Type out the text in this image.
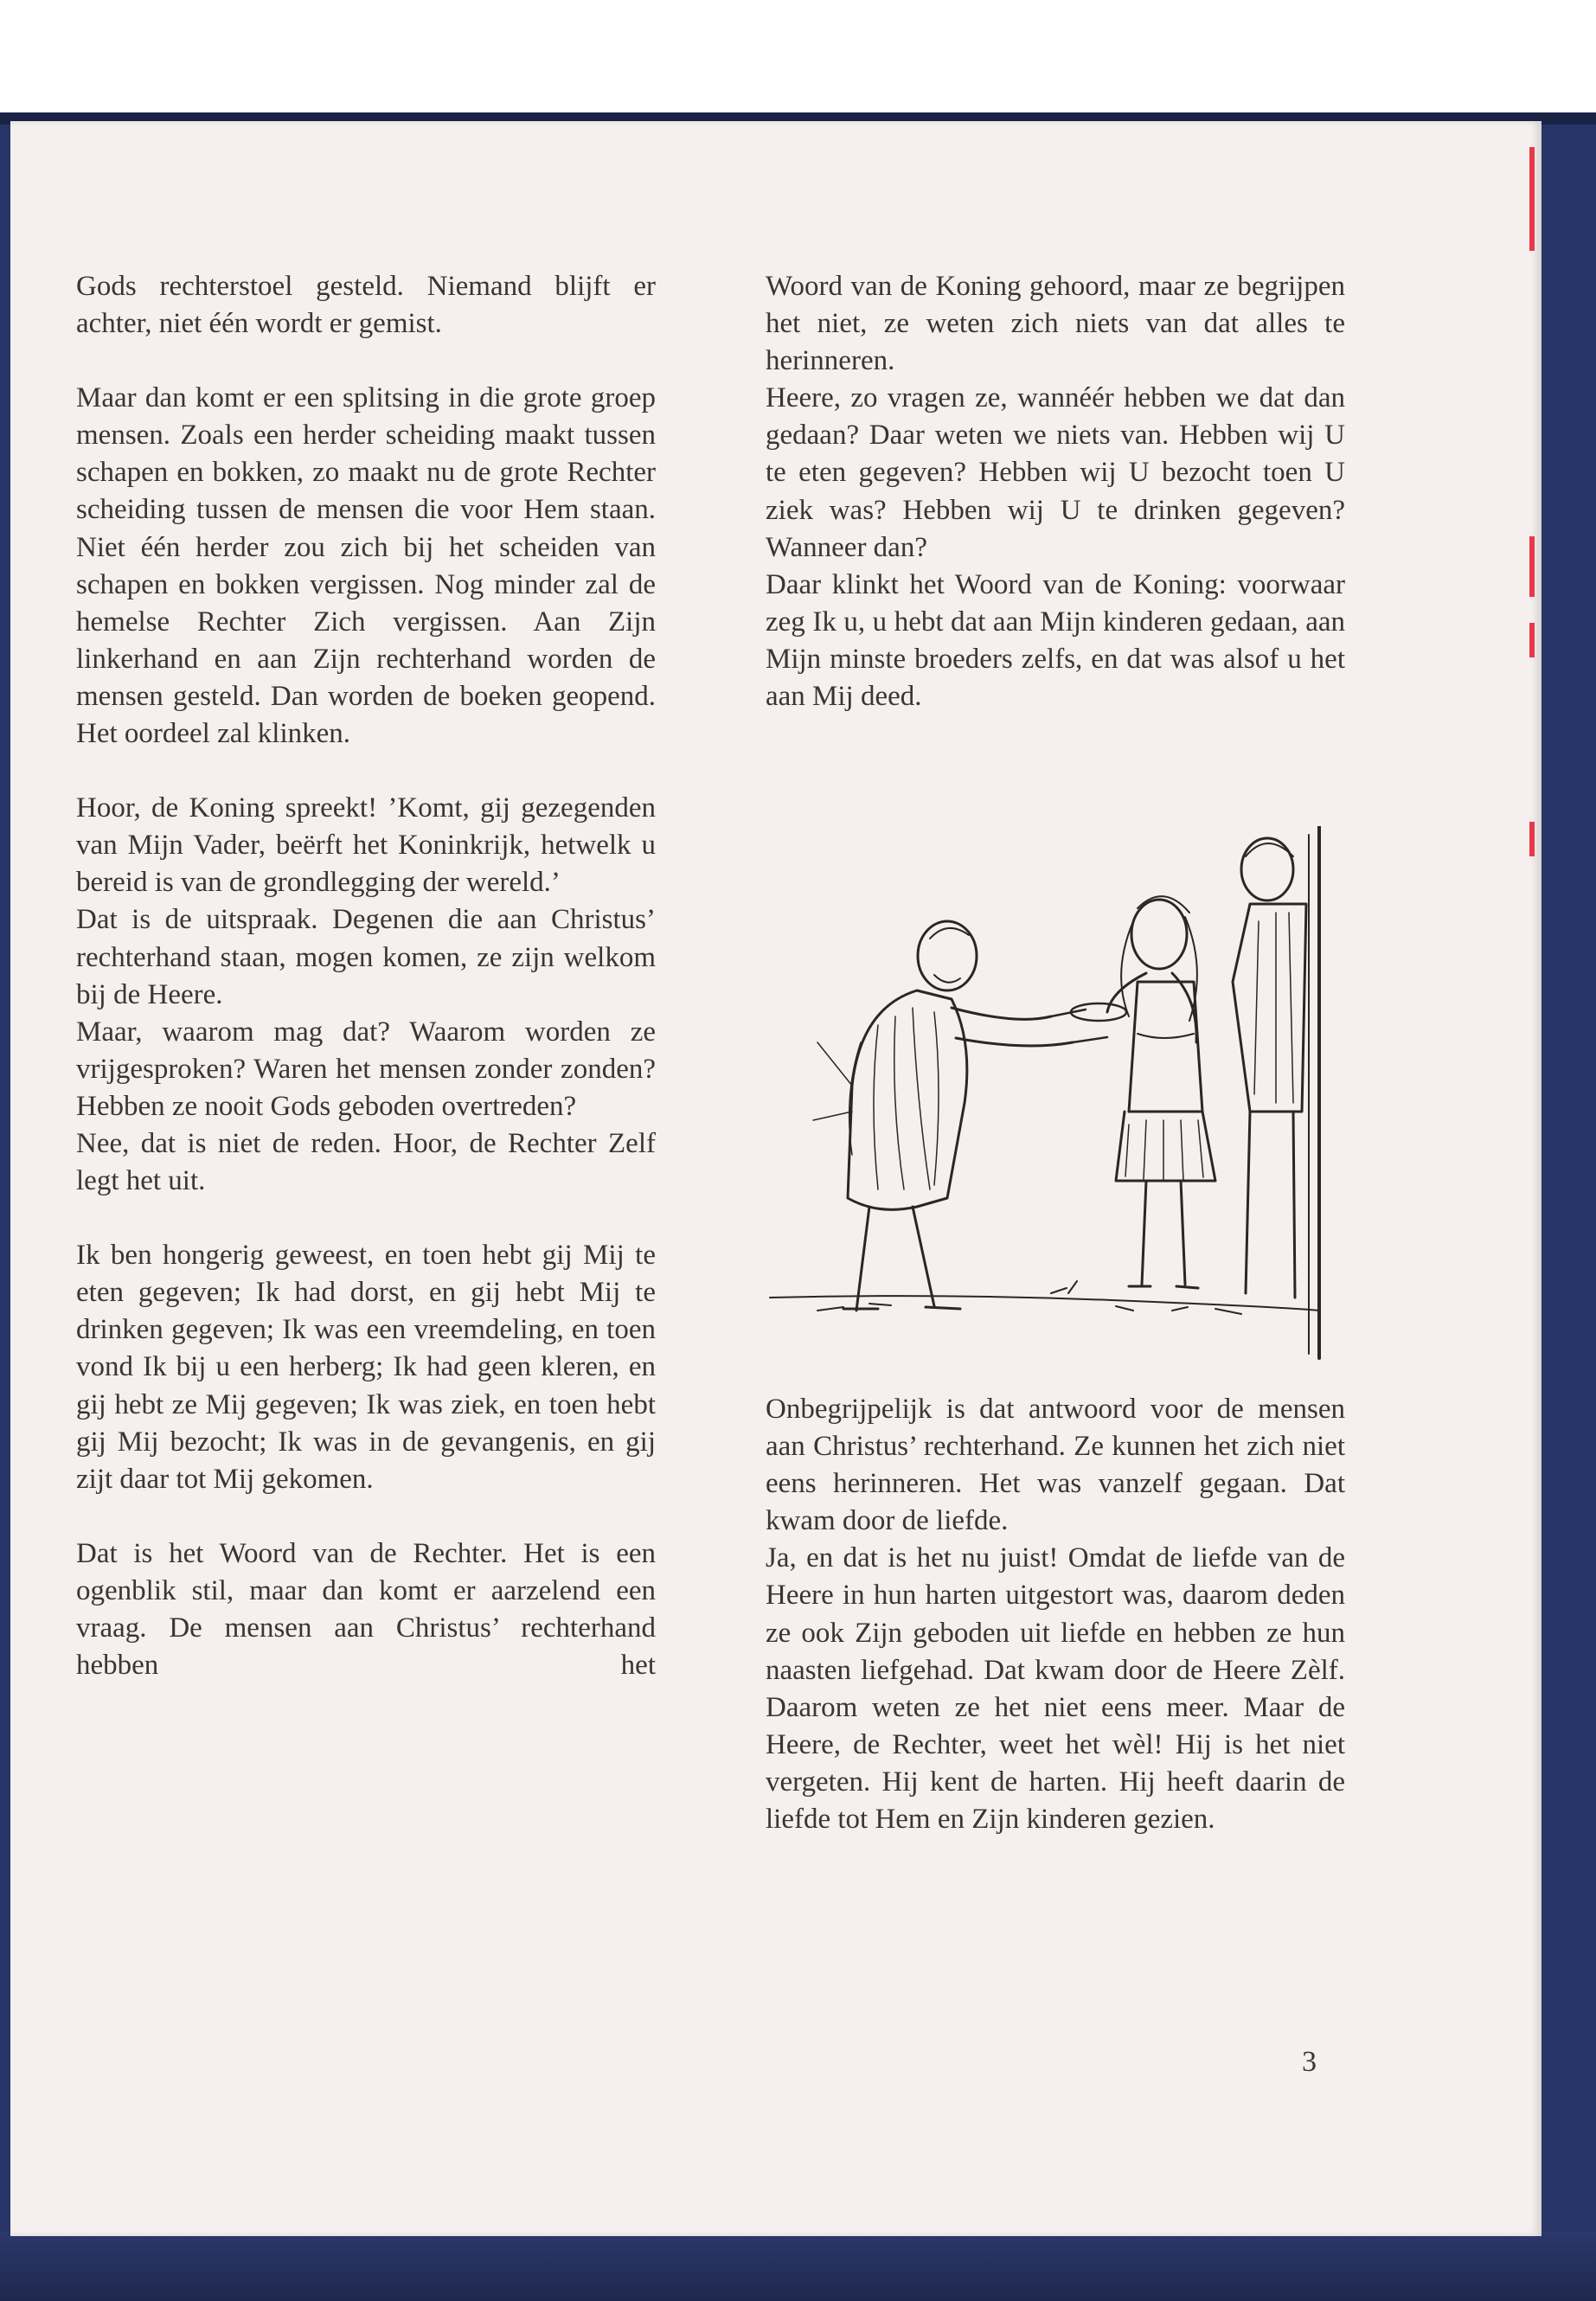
Gods rechterstoel gesteld. Niemand blijft er achter, niet één wordt er gemist.

Maar dan komt er een splitsing in die grote groep mensen. Zoals een herder scheiding maakt tussen schapen en bokken, zo maakt nu de grote Rechter scheiding tussen de mensen die voor Hem staan. Niet één herder zou zich bij het scheiden van schapen en bokken vergissen. Nog minder zal de hemelse Rechter Zich vergissen. Aan Zijn linkerhand en aan Zijn rechterhand worden de mensen gesteld. Dan worden de boeken geopend. Het oordeel zal klinken.

Hoor, de Koning spreekt! ’Komt, gij gezegenden van Mijn Vader, beërft het Koninkrijk, hetwelk u bereid is van de grondlegging der wereld.’

Dat is de uitspraak. Degenen die aan Christus’ rechterhand staan, mogen komen, ze zijn welkom bij de Heere.

Maar, waarom mag dat? Waarom worden ze vrijgesproken? Waren het mensen zonder zonden? Hebben ze nooit Gods geboden overtreden?

Nee, dat is niet de reden. Hoor, de Rechter Zelf legt het uit.

Ik ben hongerig geweest, en toen hebt gij Mij te eten gegeven; Ik had dorst, en gij hebt Mij te drinken gegeven; Ik was een vreemdeling, en toen vond Ik bij u een herberg; Ik had geen kleren, en gij hebt ze Mij gegeven; Ik was ziek, en toen hebt gij Mij bezocht; Ik was in de gevangenis, en gij zijt daar tot Mij gekomen.

Dat is het Woord van de Rechter. Het is een ogenblik stil, maar dan komt er aarzelend een vraag. De mensen aan Christus’ rechterhand hebben het

Woord van de Koning gehoord, maar ze begrijpen het niet, ze weten zich niets van dat alles te herinneren.

Heere, zo vragen ze, wannéér hebben we dat dan gedaan? Daar weten we niets van. Hebben wij U te eten gegeven? Hebben wij U bezocht toen U ziek was? Hebben wij U te drinken gegeven? Wanneer dan?

Daar klinkt het Woord van de Koning: voorwaar zeg Ik u, u hebt dat aan Mijn kinderen gedaan, aan Mijn minste broeders zelfs, en dat was alsof u het aan Mij deed.

Onbegrijpelijk is dat antwoord voor de mensen aan Christus’ rechterhand. Ze kunnen het zich niet eens herinneren. Het was vanzelf gegaan. Dat kwam door de liefde.

Ja, en dat is het nu juist! Omdat de liefde van de Heere in hun harten uitgestort was, daarom deden ze ook Zijn geboden uit liefde en hebben ze hun naasten liefgehad. Dat kwam door de Heere Zèlf. Daarom weten ze het niet eens meer. Maar de Heere, de Rechter, weet het wèl! Hij is het niet vergeten. Hij kent de harten. Hij heeft daarin de liefde tot Hem en Zijn kinderen gezien.

3
